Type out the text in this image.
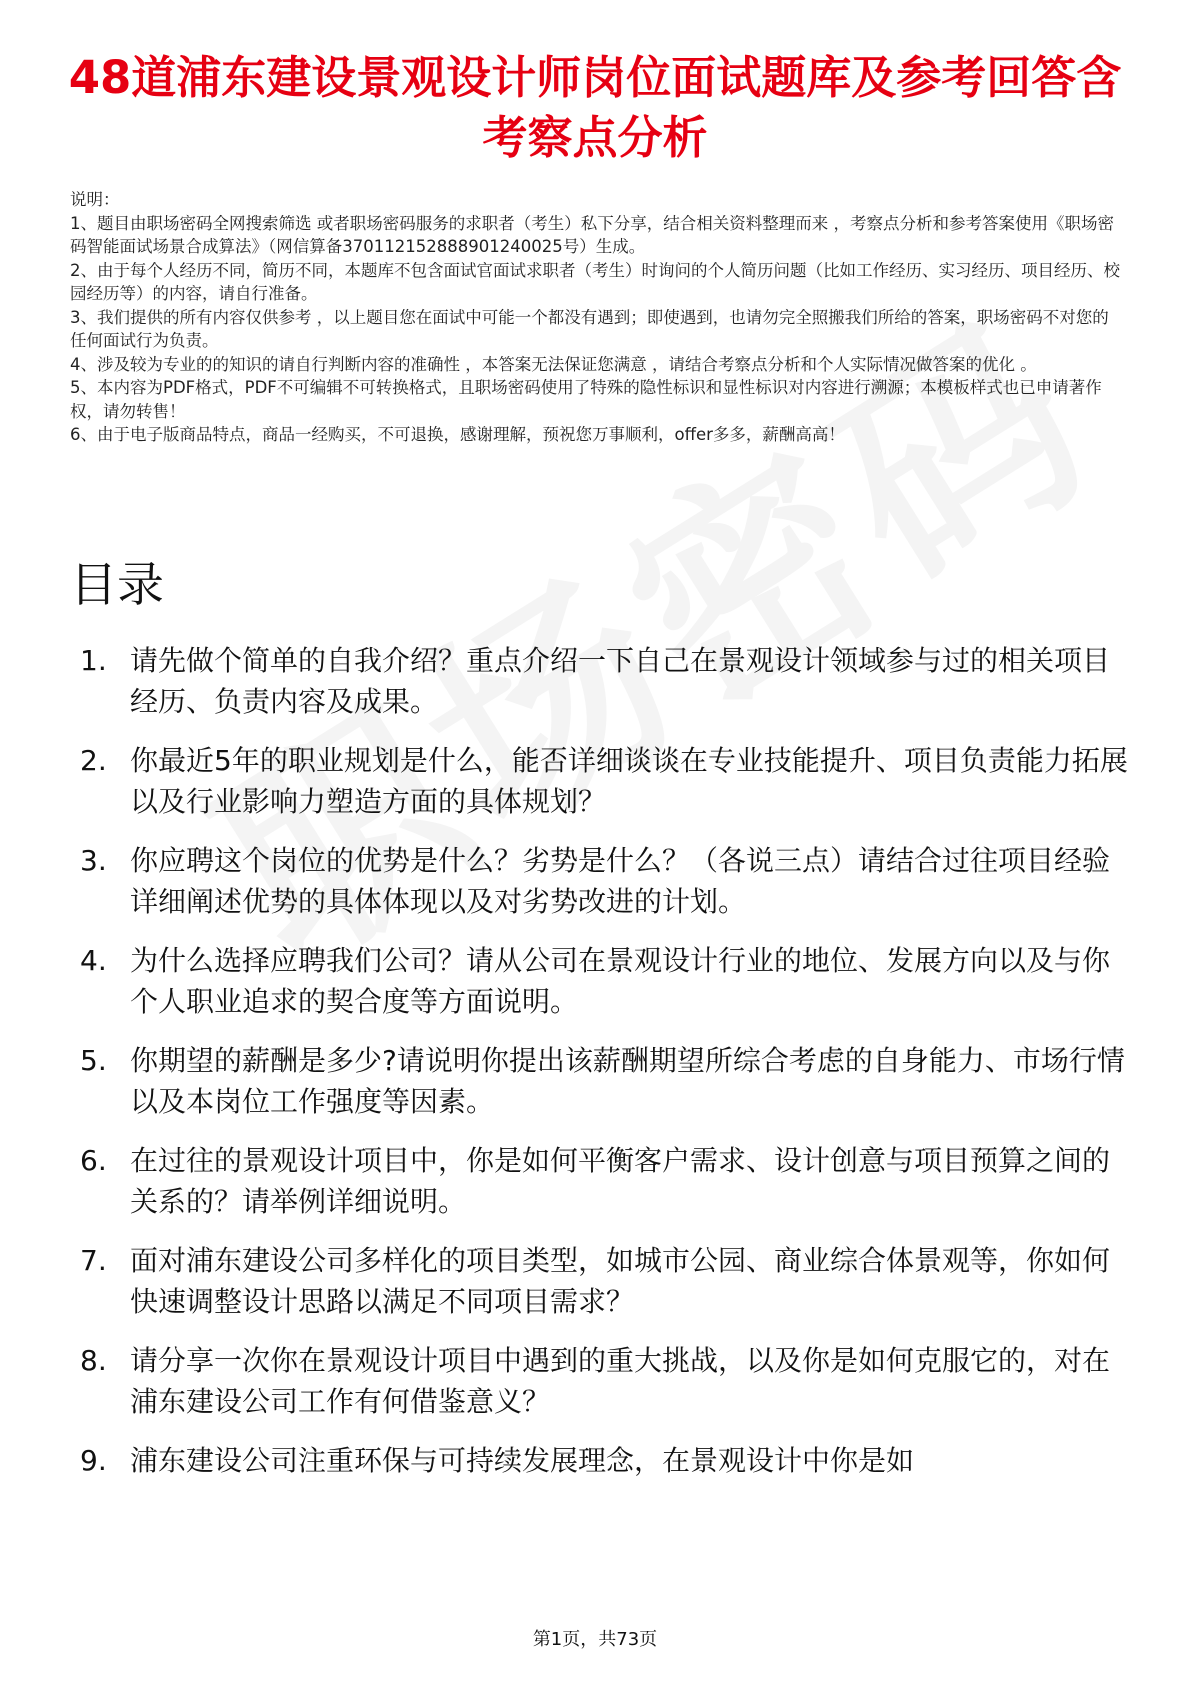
48道浦东建设景观设计师岗位面试题库及参考回答含考察点分析

说明：

1、题目由职场密码全网搜索筛选 或者职场密码服务的求职者（考生）私下分享，结合相关资料整理而来 ，考察点分析和参考答案使用《职场密码智能面试场景合成算法》（网信算备370112152888901240025号）生成。

2、由于每个人经历不同，简历不同，本题库不包含面试官面试求职者（考生）时询问的个人简历问题（比如工作经历、实习经历、项目经历、校园经历等）的内容，请自行准备。

3、我们提供的所有内容仅供参考 ，以上题目您在面试中可能一个都没有遇到；即使遇到，也请勿完全照搬我们所给的答案，职场密码不对您的任何面试行为负责。

4、涉及较为专业的的知识的请自行判断内容的准确性 ，本答案无法保证您满意 ，请结合考察点分析和个人实际情况做答案的优化 。

5、本内容为PDF格式，PDF不可编辑不可转换格式，且职场密码使用了特殊的隐性标识和显性标识对内容进行溯源；本模板样式也已申请著作权，请勿转售！

6、由于电子版商品特点，商品一经购买，不可退换，感谢理解，预祝您万事顺利，offer多多，薪酬高高！

目录
1. 请先做个简单的自我介绍？重点介绍一下自己在景观设计领域参与过的相关项目经历、负责内容及成果。
2. 你最近5年的职业规划是什么，能否详细谈谈在专业技能提升、项目负责能力拓展以及行业影响力塑造方面的具体规划？
3. 你应聘这个岗位的优势是什么？劣势是什么？（各说三点）请结合过往项目经验详细阐述优势的具体体现以及对劣势改进的计划。
4. 为什么选择应聘我们公司？请从公司在景观设计行业的地位、发展方向以及与你个人职业追求的契合度等方面说明。
5. 你期望的薪酬是多少?请说明你提出该薪酬期望所综合考虑的自身能力、市场行情以及本岗位工作强度等因素。
6. 在过往的景观设计项目中，你是如何平衡客户需求、设计创意与项目预算之间的关系的？请举例详细说明。
7. 面对浦东建设公司多样化的项目类型，如城市公园、商业综合体景观等，你如何快速调整设计思路以满足不同项目需求？
8. 请分享一次你在景观设计项目中遇到的重大挑战，以及你是如何克服它的，对在浦东建设公司工作有何借鉴意义？
9. 浦东建设公司注重环保与可持续发展理念，在景观设计中你是如
第1页，共73页
